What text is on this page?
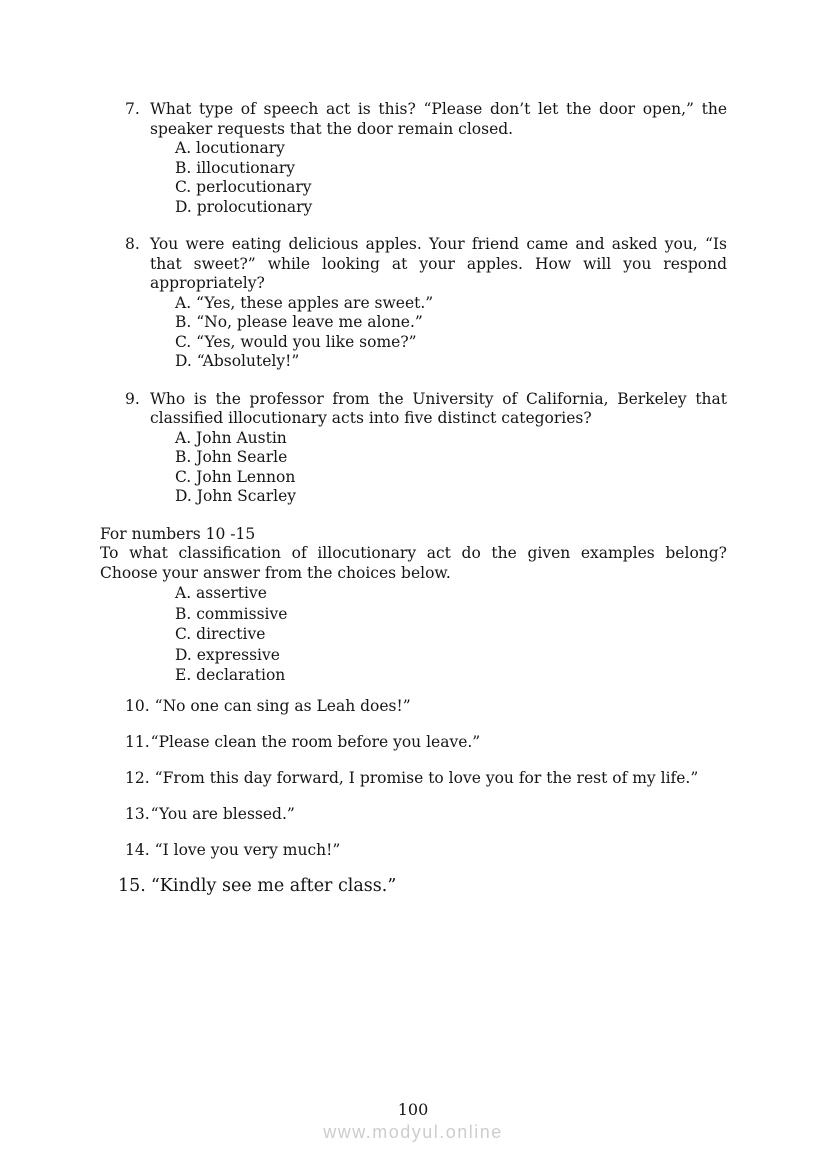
7. What type of speech act is this? “Please don’t let the door open,” the speaker requests that the door remain closed.
A. locutionary
B. illocutionary
C. perlocutionary
D. prolocutionary
8. You were eating delicious apples. Your friend came and asked you, “Is that sweet?” while looking at your apples. How will you respond appropriately?
A. “Yes, these apples are sweet.”
B. “No, please leave me alone.”
C. “Yes, would you like some?”
D. “Absolutely!”
9. Who is the professor from the University of California, Berkeley that classified illocutionary acts into five distinct categories?
A. John Austin
B. John Searle
C. John Lennon
D. John Scarley
For numbers 10 -15
To what classification of illocutionary act do the given examples belong? Choose your answer from the choices below.
A. assertive
B. commissive
C. directive
D. expressive
E. declaration
10. “No one can sing as Leah does!”
11.“Please clean the room before you leave.”
12. “From this day forward, I promise to love you for the rest of my life.”
13.“You are blessed.”
14. “I love you very much!”
15. “Kindly see me after class.”
100
www.modyul.online
